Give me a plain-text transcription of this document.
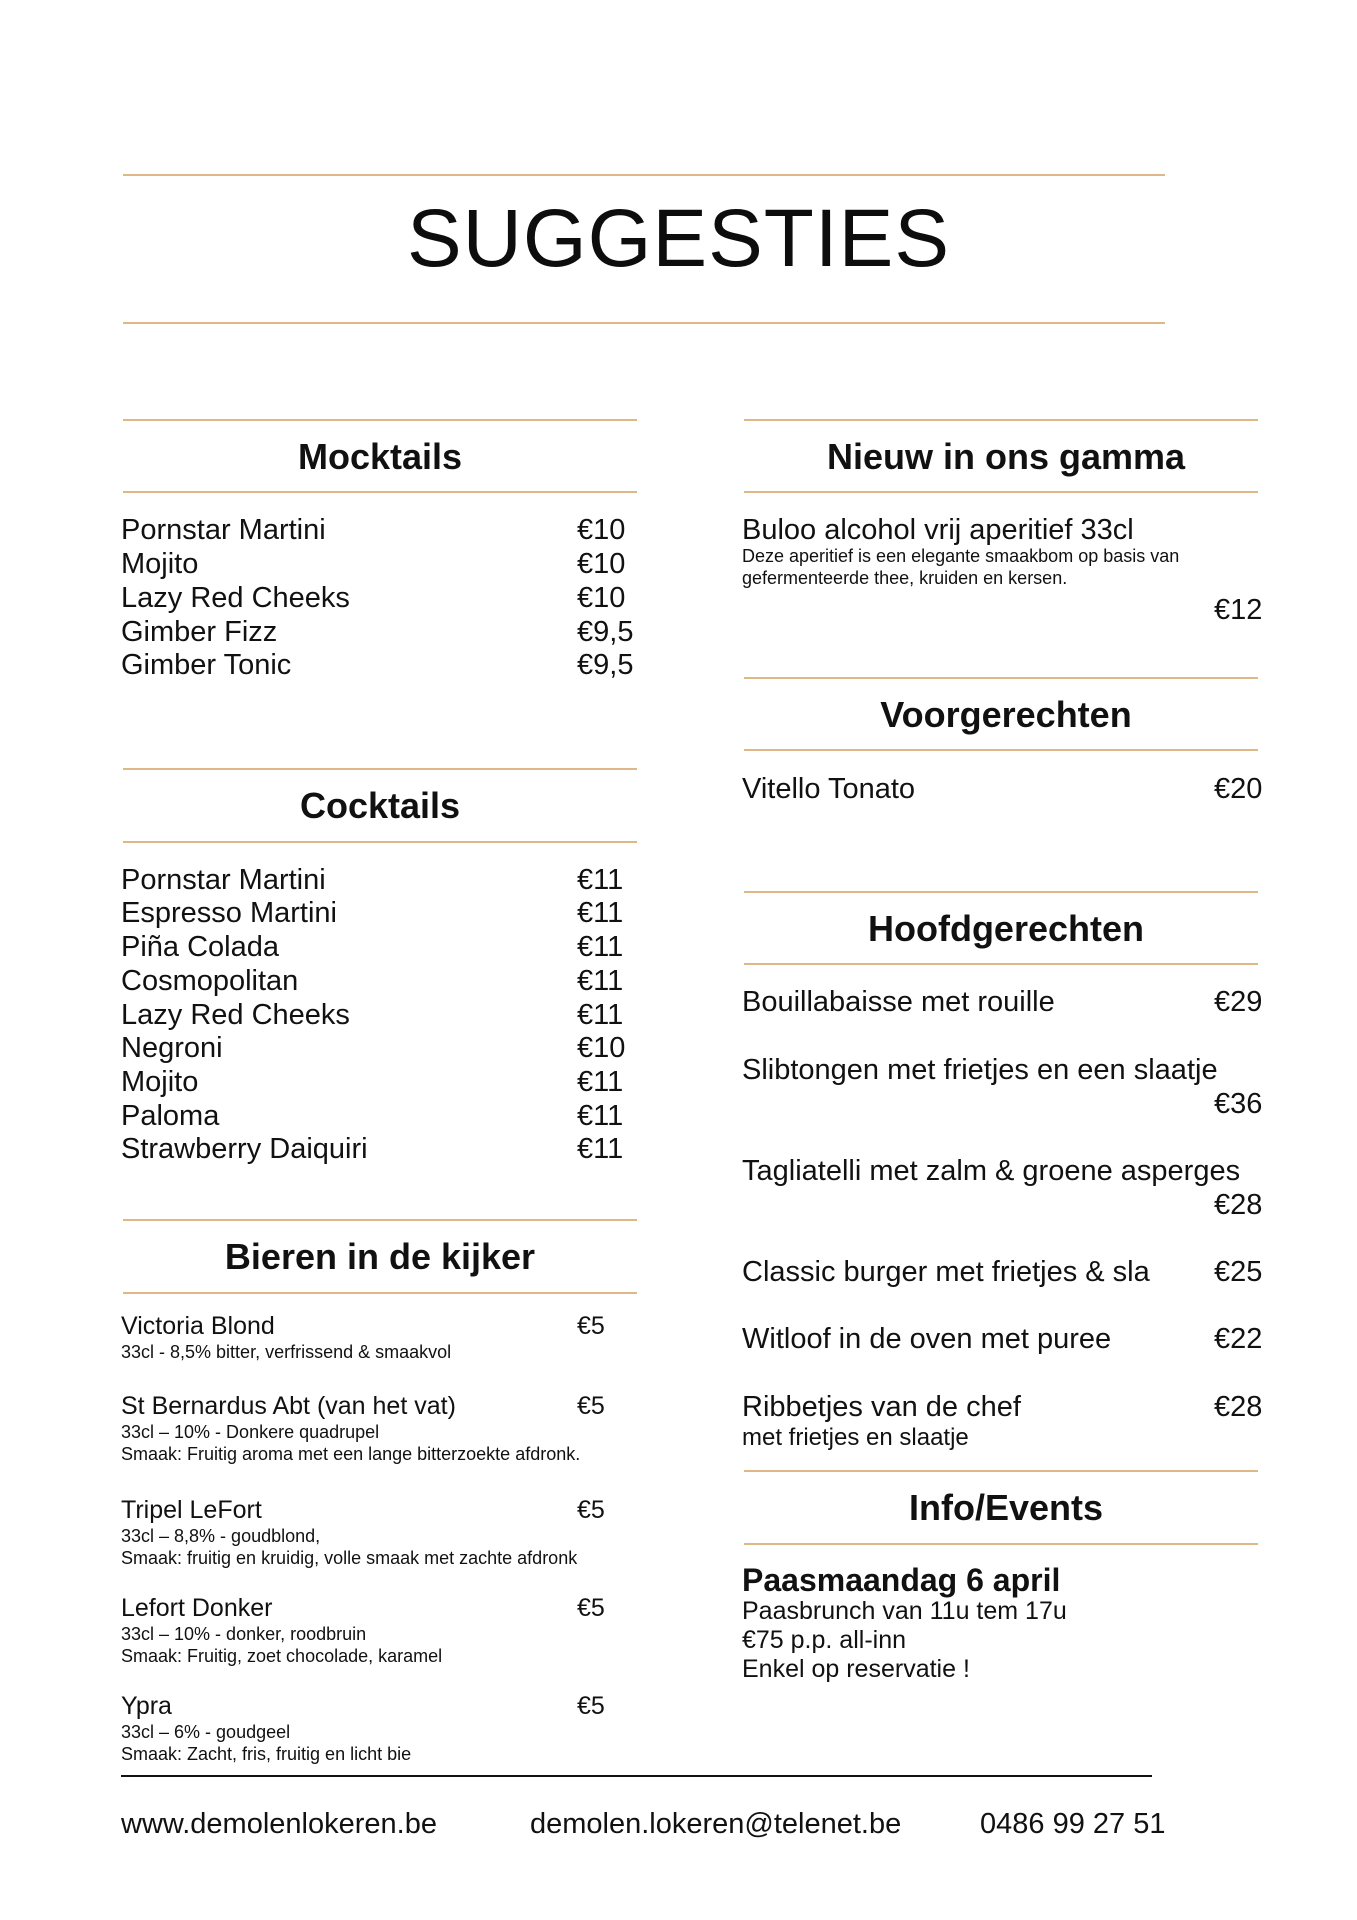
SUGGESTIES
Mocktails
Pornstar Martini	€10
Mojito	€10
Lazy Red Cheeks	€10
Gimber Fizz	€9,5
Gimber Tonic	€9,5
Cocktails
Pornstar Martini	€11
Espresso Martini	€11
Piña Colada	€11
Cosmopolitan	€11
Lazy Red Cheeks	€11
Negroni	€10
Mojito	€11
Paloma	€11
Strawberry Daiquiri	€11
Bieren in de kijker
Victoria Blond	€5
33cl - 8,5% bitter, verfrissend & smaakvol
St Bernardus Abt (van het vat)	€5
33cl – 10% - Donkere quadrupel
Smaak: Fruitig aroma met een lange bitterzoekte afdronk.
Tripel LeFort	€5
33cl – 8,8% - goudblond,
Smaak: fruitig en kruidig, volle smaak met zachte afdronk
Lefort Donker	€5
33cl – 10% - donker, roodbruin
Smaak: Fruitig, zoet chocolade, karamel
Ypra	€5
33cl – 6% - goudgeel
Smaak: Zacht, fris, fruitig en licht bie
Nieuw in ons gamma
Buloo alcohol vrij aperitief 33cl
Deze aperitief is een elegante smaakbom op basis van
gefermenteerde thee, kruiden en kersen.
€12
Voorgerechten
Vitello Tonato	€20
Hoofdgerechten
Bouillabaisse met rouille	€29
Slibtongen met frietjes en een slaatje
€36
Tagliatelli met zalm & groene asperges
€28
Classic burger met frietjes & sla €25
Witloof in de oven met puree	€22
Ribbetjes van de chef	€28
met frietjes en slaatje
Info/Events
Paasmaandag 6 april
Paasbrunch van 11u tem 17u
€75 p.p. all-inn
Enkel op reservatie !
www.demolenlokeren.be	demolen.lokeren@telenet.be	0486 99 27 51
